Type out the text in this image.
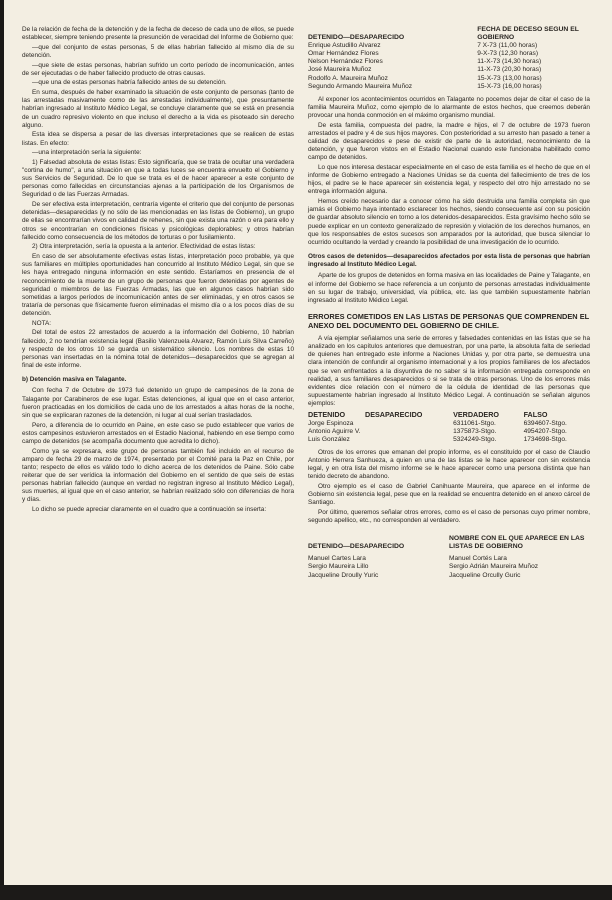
De la relación de fecha de la detención y de la fecha de deceso de cada uno de ellos, se puede establecer, siempre teniendo presente la presunción de veracidad del Informe de Gobierno que:

—que del conjunto de estas personas, 5 de ellas habrían fallecido al mismo día de su detención.

—que siete de estas personas, habrían sufrido un corto período de incomunicación, antes de ser ejecutadas o de haber fallecido producto de otras causas.

—que una de estas personas habría fallecido antes de su detención.

En suma, después de haber examinado la situación de este conjunto de personas (tanto de las arrestadas masivamente como de las arrestadas individualmente), que presuntamente habrían ingresado al Instituto Médico Legal, se concluye claramente que se está en presencia de un cuadro represivo violento en que incluso el derecho a la vida es pisoteado sin derecho alguno.

Esta idea se dispersa a pesar de las diversas interpretaciones que se realicen de estas listas. En efecto:

—una interpretación sería la siguiente:

1) Falsedad absoluta de estas listas: Esto significaría, que se trata de ocultar una verdadera "cortina de humo", a una situación en que a todas luces se encuentra envuelto el Gobierno y sus Servicios de Seguridad. De lo que se trata es el de hacer aparecer a este conjunto de personas como fallecidas en circunstancias ajenas a la participación de los Organismos de Seguridad o de las Fuerzas Armadas.

De ser efectiva esta interpretación, centraría vigente el criterio que del conjunto de personas detenidas—desaparecidas (y no sólo de las mencionadas en las listas de Gobierno), un grupo de ellas se encontrarían vivos en calidad de rehenes, sin que exista una razón o era para ello y otros se encontrarían en condiciones físicas y psicológicas deplorables; y otros habrían fallecido como consecuencia de los métodos de torturas o por fusilamiento.

2) Otra interpretación, sería la opuesta a la anterior. Efectividad de estas listas:

En caso de ser absolutamente efectivas estas listas, interpretación poco probable, ya que sus familiares en múltiples oportunidades han concurrido al Instituto Médico Legal, sin que se les haya entregado ninguna información en este sentido. Estaríamos en presencia de el reconocimiento de la muerte de un grupo de personas que fueron detenidas por agentes de seguridad o miembros de las Fuerzas Armadas, las que en algunos casos habrían sido sometidas a largos períodos de incomunicación antes de ser eliminadas, y en otros casos se trataría de personas que físicamente fueron eliminadas el mismo día o a los pocos días de su detención.

NOTA:

Del total de estos 22 arrestados de acuerdo a la información del Gobierno, 10 habrían fallecido, 2 no tendrían existencia legal (Basilio Valenzuela Alvarez, Ramón Luis Silva Carreño) y respecto de los otros 10 se guarda un sistemático silencio. Los nombres de estas 10 personas van insertadas en la nómina total de detenidos—desaparecidos que se agregan al final de este informe.

b) Detención masiva en Talagante.

Con fecha 7 de Octubre de 1973 fué detenido un grupo de campesinos de la zona de Talagante por Carabineros de ese lugar. Estas detenciones, al igual que en el caso anterior, fueron practicadas en los domicilios de cada uno de los arrestados a altas horas de la noche, sin que se explicaran razones de la detención, ni lugar al cual serían trasladados.

Pero, a diferencia de lo ocurrido en Paine, en este caso se pudo establecer que varios de estos campesinos estuvieron arrestados en el Estadio Nacional, habiendo en ese tiempo como campo de detenidos (se acompaña documento que acredita lo dicho).

Como ya se expresara, este grupo de personas también fué incluido en el recurso de amparo de fecha 29 de marzo de 1974, presentado por el Comité para la Paz en Chile, por tanto; respecto de ellos es válido todo lo dicho acerca de los detenidos de Paine. Sólo cabe reiterar que de ser verídica la información del Gobierno en el sentido de que seis de estas personas habrían fallecido (aunque en verdad no registran ingreso al Instituto Médico Legal), sus muertes, al igual que en el caso anterior, se habrían realizado sólo con diferencias de hora y días.

Lo dicho se puede apreciar claramente en el cuadro que a continuación se inserta:

DETENIDO—DESAPARECIDO	FECHA DE DECESO SEGUN EL GOBIERNO
Enrique Astudillo Alvarez	7 X-73 (11,00 horas)
Omar Hernández Flores	9-X-73 (12,30 horas)
Nelson Hernández Flores	11-X-73 (14,30 horas)
José Maureira Muñoz	11-X-73 (20,30 horas)
Rodolfo A. Maureira Muñoz	15-X-73 (13,00 horas)
Segundo Armando Maureira Muñoz	15-X-73 (16,00 horas)

Al exponer los acontecimientos ocurridos en Talagante no pocemos dejar de citar el caso de la familia Maureira Muñoz, como ejemplo de lo alarmante de estos hechos, que creemos deberán provocar una honda conmoción en el máximo organismo mundial.

De esta familia, compuesta del padre, la madre e hijos, el 7 de octubre de 1973 fueron arrestados el padre y 4 de sus hijos mayores. Con posterioridad a su arresto han pasado a tener a calidad de desaparecidos e pese de existir de parte de la autoridad, reconocimiento de la detención, y que fueron vistos en el Estadio Nacional cuando este funcionaba habilitado como campo de detenidos.

Lo que nos interesa destacar especialmente en el caso de esta familia es el hecho de que en el informe de Gobierno entregado a Naciones Unidas se da cuenta del fallecimiento de tres de los hijos, el padre se le hace aparecer sin existencia legal, y respecto del otro hijo arrestado no se entrega información alguna.

Hemos creído necesario dar a conocer cómo ha sido destruida una familia completa sin que jamás el Gobierno haya intentado esclarecer los hechos, siendo consecuente así con su posición de guardar absoluto silencio en torno a los detenidos-desaparecidos. Esta gravísimo hecho sólo se puede explicar en un contexto generalizado de represión y violación de los derechos humanos, en que los responsables de estos sucesos son amparados por la autoridad, que busca silenciar lo ocurrido ocultando la verdad y creando la posibilidad de una investigación de lo ocurrido.

Otros casos de detenidos—desaparecidos afectados por esta lista de personas que habrían ingresado al Instituto Médico Legal.

Aparte de los grupos de detenidos en forma masiva en las localidades de Paine y Talagante, en el informe del Gobierno se hace referencia a un conjunto de personas arrestadas individualmente en su lugar de trabajo, universidad, vía pública, etc. las que también supuestamente habrían ingresado al Instituto Médico Legal.

ERRORES COMETIDOS EN LAS LISTAS DE PERSONAS QUE COMPRENDEN EL ANEXO DEL DOCUMENTO DEL GOBIERNO DE CHILE.

A vía ejemplar señalamos una serie de errores y falsedades contenidas en las listas que se ha analizado en los capítulos anteriores que demuestran, por una parte, la absoluta falta de seriedad de quienes han entregado este informe a Naciones Unidas y, por otra parte, se demuestra una clara intención de confundir al organismo internacional y a los propios familiares de los afectados que se ven enfrentados a la disyuntiva de no saber si la información entregada corresponde en realidad, a sus familiares desaparecidos o si se trata de otras personas. Uno de los errores más evidentes dice relación con el número de la cédula de identidad de las personas que supuestamente habrían ingresado al Instituto Médico Legal. A continuación se señalan algunos ejemplos:

DETENIDO	DESAPARECIDO	VERDADERO	FALSO
Jorge Espinoza		6311061-Stgo.	6394607-Stgo.
Antonio Aguirre V.		1375873-Stgo.	4954207-Stgo.
Luis González		5324249-Stgo.	1734698-Stgo.

Otros de los errores que emanan del propio informe, es el constituído por el caso de Claudio Antonio Herrera Sanhueza, a quien en una de las listas se le hace aparecer con sin existencia legal, y en otra lista del mismo informe se le hace aparecer como una persona distinta que han tenido decreto de abandono.

Otro ejemplo es el caso de Gabriel Canihuante Maureira, que aparece en el informe de Gobierno sin existencia legal, pese que en la realidad se encuentra detenido en el anexo cárcel de Santiago.

Por último, queremos señalar otros errores, como es el caso de personas cuyo primer nombre, segundo apellico, etc., no corresponden al verdadero.

DETENIDO—DESAPARECIDO	NOMBRE CON EL QUE APARECE EN LAS LISTAS DE GOBIERNO
Manuel Cartes Lara	Manuel Cortés Lara
Sergio Maureira Lillo	Sergio Adrián Maureira Muñoz
Jacqueline Droully Yuric	Jacqueline Orcully Guric
